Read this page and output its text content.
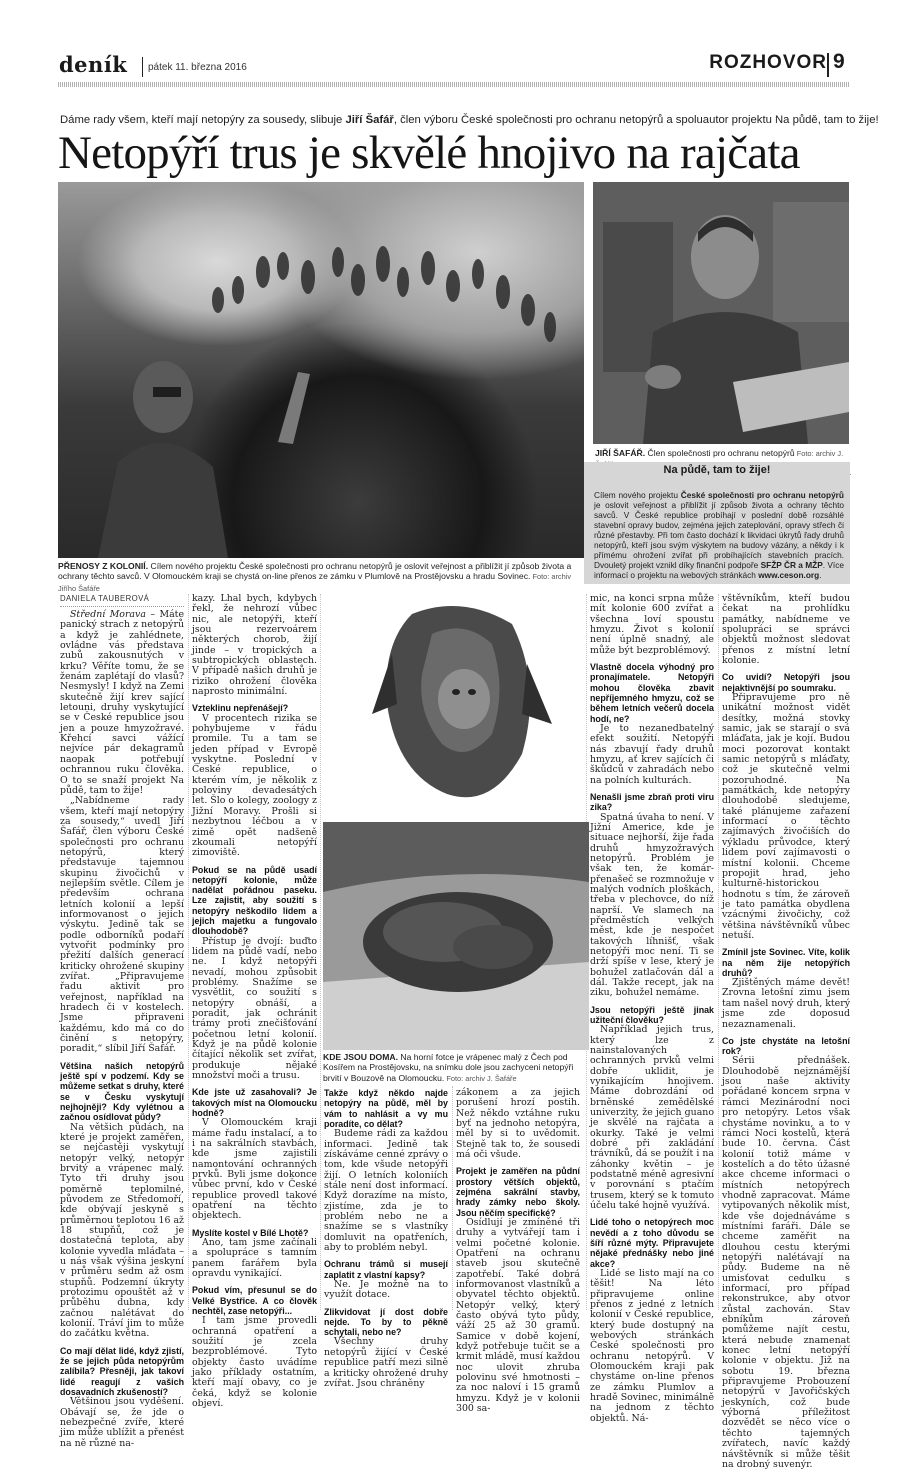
deník pátek 11. března 2016	ROZHOVOR 9
Dáme rady všem, kteří mají netopýry za sousedy, slibuje Jiří Šafář, člen výboru České společnosti pro ochranu netopýrů a spoluautor projektu Na půdě, tam to žije!
Netopýří trus je skvělé hnojivo na rajčata
PŘENOSY Z KOLONIÍ. Cílem nového projektu České společnosti pro ochranu netopýrů je oslovit veřejnost a přiblížit jí způsob života a ochrany těchto savců. V Olomouckém kraji se chystá on-line přenos ze zámku v Plumlově na Prostějovsku a hradu Sovinec. Foto: archiv Jiřího Šafáře
JIŘÍ ŠAFÁŘ. Člen společnosti pro ochranu netopýrů Foto: archiv J.
Na půdě, tam to žije!
Cílem nového projektu České společnosti pro ochranu netopýrů je oslovit veřejnost a přiblížit jí způsob života a ochrany těchto savců. V České republice probíhají v poslední době rozsáhlé stavební opravy budov, zejména jejich zateplování, opravy střech či různé přestavby. Při tom často dochází k likvidaci úkrytů řady druhů netopýrů, kteří jsou svým výskytem na budovy vázány, a někdy i k přímému ohrožení zvířat při probíhajících stavebních pracích. Dvouletý projekt vznikl díky finanční podpoře SFŽP ČR a MŽP. Více informací o projektu na webových stránkách www.ceson.org.
DANIELA TAUBEROVÁ

Střední Morava – Máte panický strach z netopýrů a když je zahlédnete, ovládne vás představa zubů zakousnutých v krku? Věříte tomu, že se ženám zaplétají do vlasů? Nesmysly! I když na Zemi skutečně žijí krev sající letouni, druhy vyskytující se v České republice jsou jen a pouze hmyzožravé. Křehcí savci vážící nejvíce pár dekagramů naopak potřebují ochrannou ruku člověka. O to se snaží projekt Na půdě, tam to žije!

„Nabídneme rady všem, kteří mají netopýry za sousedy,“ uvedl Jiří Šafář, člen výboru České společnosti pro ochranu netopýrů, který představuje tajemnou skupinu živočichů v nejlepším světle. Cílem je především ochrana letních kolonií a lepší informovanost o jejich výskytu. Jedině tak se podle odborníků podaří vytvořit podmínky pro přežití dalších generací kriticky ohrožené skupiny zvířat. „Připravujeme řadu aktivit pro veřejnost, například na hradech či v kostelech. Jsme připraveni každému, kdo má co do činění s netopýry, poradit,“ slíbil Jiří Šafář.

Většina našich netopýrů ještě spí v podzemí. Kdy se můžeme setkat s druhy, které se v Česku vyskytují nejhojněji? Kdy vylétnou a začnou osídlovat půdy?

Na většich půdách, na které je projekt zaměřen, se nejčastěji vyskytují netopýr velký, netopýr brvitý a vrápenec malý. Tyto tři druhy jsou poměrně teplomilné, původem ze Středomoří, kde obývají jeskyně s průměrnou teplotou 16 až 18 stupňů, což je dostatečná teplota, aby kolonie vyvedla mláďata – u nás však výšina jeskyní v průměru sedm až osm stupňů. Podzemní úkryty protozimu opouštět až v průběhu dubna, kdy začnou nalétávat do kolonií. Tráví jim to může do začátku května.

Co mají dělat lidé, když zjistí, že se jejich půda netopýrům zalíbila? Přesněji, jak takoví lidé reagují z vašich dosavadních zkušeností?

Většinou jsou vyděšení. Obávají se, že jde o nebezpečné zvíře, které jim může ublížit a přenést na ně různé na-

kazy. Lhal bych, kdybych řekl, že nehrozí vůbec nic, ale netopýři, kteří jsou rezervoárem některých chorob, žijí jinde – v tropických a subtropických oblastech. V případě našich druhů je riziko ohrožení člověka naprosto minimální.

Vzteklinu nepřenášejí?

V procentech rizika se pohybujeme v řádu promile. Tu a tam se jeden případ v Evropě vyskytne. Poslední v České republice, o kterém vím, je několik z poloviny devadesátých let. Šlo o kolegy, zoology z Jižní Moravy. Prošli si nezbytnou léčbou a v zimě opět nadšeně zkoumali netopýří zimoviště.

Pokud se na půdě usadí netopýří kolonie, může nadělat pořádnou paseku. Lze zajistit, aby soužití s netopýry neškodilo lidem a jejich majetku a fungovalo dlouhodobě?

Přístup je dvojí: buďto lidem na půdě vadí, nebo ne. I když netopýři nevadí, mohou způsobit problémy. Snažíme se vysvětlit, co soužití s netopýry obnáší, a poradit, jak ochránit trámy proti znečišťování početnou letní kolonií. Když je na půdě kolonie čítající několik set zvířat, produkuje nějaké množství moči a trusu.

Kde jste už zasahovali? Je takových míst na Olomoucku hodně?

V Olomouckém kraji máme řadu instalací, a to i na sakrálních stavbách, kde jsme zajistili namontování ochranných prvků. Byli jsme dokonce vůbec první, kdo v České republice provedl takové opatření na těchto objektech.

Myslíte kostel v Bílé Lhotě?

Ano, tam jsme začínali a spolupráce s tamním panem farářem byla opravdu vynikající.

Pokud vím, přesunul se do Velké Bystřice. A co člověk nechtěl, zase netopýři...

I tam jsme provedli ochranná opatření a soužití je zcela bezproblémové. Tyto objekty často uvádíme jako příklady ostatním, kteří mají obavy, co je čeká, když se kolonie objeví.

KDE JSOU DOMA. Na horní fotce je vrápenec malý z Čech pod Kosířem na Prostějovsku, na snímku dole jsou zachyceni netopýři brvití v Bouzově na Olomoucku. Foto: archiv J. Šafáře

Takže když někdo najde netopýry na půdě, měl by vám to nahlásit a vy mu poradíte, co dělat?

Budeme rádi za každou informaci. Jedině tak získáváme cenné zprávy o tom, kde všude netopýři žijí. O letních koloniích stále není dost informací. Když dorazíme na místo, zjistíme, zda je to problém nebo ne a snažíme se s vlastníky domluvit na opatřeních, aby to problém nebyl.

Ochranu trámů si musejí zaplatit z vlastní kapsy?

Ne. Je možné na to využít dotace.

Zlikvidovat jí dost dobře nejde. To by to pěkně schytali, nebo ne?

Všechny druhy netopýrů žijící v České republice patří mezi silně a kriticky ohrožené druhy zvířat. Jsou chráněny

zákonem a za jejich porušení hrozí postih. Než někdo vztáhne ruku byť na jednoho netopýra, měl by si to uvědomit. Stejně tak to, že sousedi má oči všude.

Projekt je zaměřen na půdní prostory větších objektů, zejména sakrální stavby, hrady zámky nebo školy. Jsou něčím specifické?

Osídlují je zmíněné tři druhy a vytvářejí tam i velmi početné kolonie. Opatření na ochranu staveb jsou skutečně zapotřebí. Také dobrá informovanost vlastníků a obyvatel těchto objektů. Netopýr velký, který často obývá tyto půdy, váží 25 až 30 gramů. Samice v době kojení, když potřebuje tučit se a krmit mládě, musí každou noc ulovit zhruba polovinu své hmotnosti – za noc naloví i 15 gramů hmyzu. Když je v kolonii 300 sa-

mic, na konci srpna může mít kolonie 600 zvířat a všechna loví spoustu hmyzu. Život s kolonií není úplně snadný, ale může být bezproblémový.

Vlastně docela výhodný pro pronajímatele. Netopýři mohou člověka zbavit nepříjemného hmyzu, což se během letních večerů docela hodí, ne?

Je to nezanedbatelný efekt soužití. Netopýři nás zbavují řady druhů hmyzu, ať krev sajících či škůdců v zahradách nebo na polních kulturách.

Nenašli jsme zbraň proti viru zika?

Spatná úvaha to není. V Jižní Americe, kde je situace nejhorší, žije řada druhů hmyzožravých netopýrů. Problém je však ten, že komár-přenašeč se rozmnožuje v malých vodních ploškách, třeba v plechovce, do níž naprší. Ve slamech na předměstích velkých měst, kde je nespočet takových líhnišť, však netopýři moc není. Ti se drží spíše v lese, který je bohužel zatlačován dál a dál. Takže recept, jak na ziku, bohužel nemáme.

Jsou netopýři ještě jinak užiteční člověku?

Například jejich trus, který lze z nainstalovaných ochranných prvků velmi dobře uklidit, je vynikajícím hnojivem. Máme dobrozdání od brněnské zemědělské univerzity, že jejich guano je skvělé na rajčata a okurky. Také je velmi dobré při zakládání trávníků, dá se použít i na záhonky květin – je podstatně méně agresivní v porovnání s ptačím trusem, který se k tomuto účelu také hojně využívá.

Lidé toho o netopýrech moc nevědí a z toho důvodu se šíří různé mýty. Připravujete nějaké přednášky nebo jiné akce?

Lidé se listo mají na co těšit! Na léto připravujeme online přenos z jedné z letních kolonií v České republice, který bude dostupný na webových stránkách České společnosti pro ochranu netopýrů. V Olomouckém kraji pak chystáme on-line přenos ze zámku Plumlov a hradě Sovinec, minimálně na jednom z těchto objektů. Ná-

vštěvníkům, kteří budou čekat na prohlídku památky, nabídneme ve spolupráci se správci objektů možnost sledovat přenos z místní letní kolonie.

Co uvidí? Netopýři jsou nejaktivnější po soumraku.

Připravujeme pro ně unikátní možnost vidět desítky, možná stovky samic, jak se starají o svá mláďata, jak je kojí. Budou moci pozorovat kontakt samic netopýrů s mláďaty, což je skutečně velmi pozoruhodné. Na památkách, kde netopýry dlouhodobě sledujeme, také plánujeme zařazení informací o těchto zajímavých živočiších do výkladu průvodce, který lidem poví zajímavosti o místní kolonii. Chceme propojit hrad, jeho kulturně-historickou hodnotu s tím, že zároveň je tato památka obydlena vzácnými živočichy, což většina návštěvníků vůbec netuší.

Zmínil jste Sovinec. Víte, kolik na něm žije netopýřích druhů?

Zjištěných máme devět! Zrovna letošní zimu jsem tam našel nový druh, který jsme zde doposud nezaznamenali.

Co jste chystáte na letošní rok?

Sérii přednášek. Dlouhodobě nejznámější jsou naše aktivity pořádané koncem srpna v rámci Mezinárodní noci pro netopýry. Letos však chystáme novinku, a to v rámci Noci kostelů, která bude 10. června. Část kolonií totiž máme v kostelích a do těto úžasné akce chceme informaci o místních netopýrech vhodně zapracovat. Máme vytipovaných několik míst, kde vše dojednáváme s místními faráři. Dále se chceme zaměřit na dlouhou cestu kterými netopýři nalétávají na půdy. Budeme na ně umisťovat cedulku s informací, pro případ rekonstrukce, aby otvor zůstal zachován. Stav ebníkům zároveň pomůžeme najít cestu, která nebude znamenat konec letní netopýří kolonie v objektu. Již na sobotu 19. března připravujeme Probouzení netopýrů v Javořičských jeskyních, což bude výborná příležitost dozvědět se něco více o těchto tajemných zvířatech, navíc každý návštěvník si může těšit na drobný suvenýr.
